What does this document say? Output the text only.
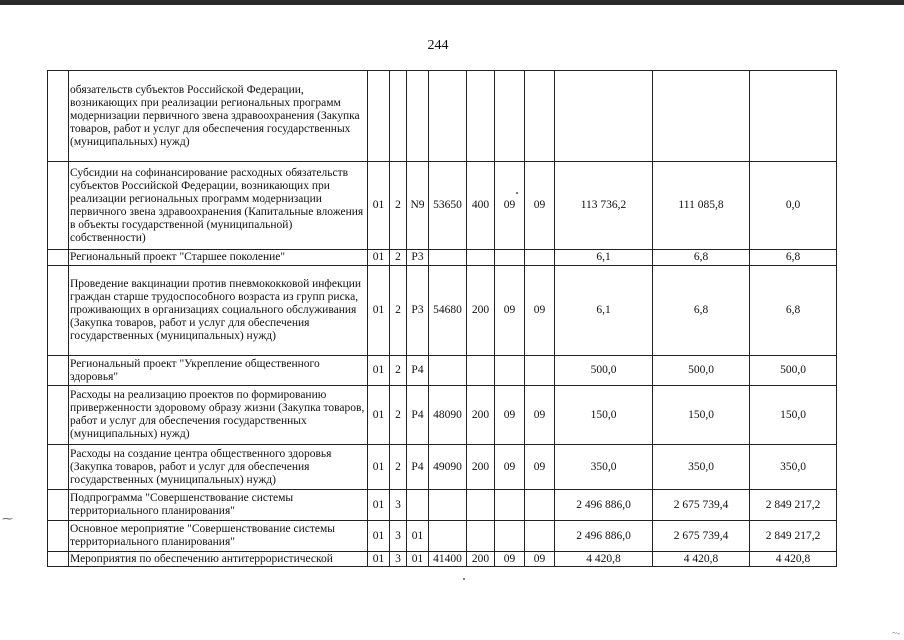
244
	обязательств субъектов Российской Федерации, возникающих при реализации региональных программ модернизации первичного звена здравоохранения (Закупка товаров, работ и услуг для обеспечения государственных (муниципальных) нужд)										
	Субсидии на софинансирование расходных обязательств субъектов Российской Федерации, возникающих при реализации региональных программ модернизации первичного звена здравоохранения (Капитальные вложения в объекты государственной (муниципальной) собственности)	01	2	N9	53650	400	09	09	113 736,2	111 085,8	0,0
	Региональный проект "Старшее поколение"	01	2	P3					6,1	6,8	6,8
	Проведение вакцинации против пневмококковой инфекции граждан старше трудоспособного возраста из групп риска, проживающих в организациях социального обслуживания (Закупка товаров, работ и услуг для обеспечения государственных (муниципальных) нужд)	01	2	P3	54680	200	09	09	6,1	6,8	6,8
	Региональный проект "Укрепление общественного здоровья"	01	2	P4					500,0	500,0	500,0
	Расходы на реализацию проектов по формированию приверженности здоровому образу жизни (Закупка товаров, работ и услуг для обеспечения государственных (муниципальных) нужд)	01	2	P4	48090	200	09	09	150,0	150,0	150,0
	Расходы на создание центра общественного здоровья (Закупка товаров, работ и услуг для обеспечения государственных (муниципальных) нужд)	01	2	P4	49090	200	09	09	350,0	350,0	350,0
	Подпрограмма "Совершенствование системы территориального планирования"	01	3						2 496 886,0	2 675 739,4	2 849 217,2
	Основное мероприятие "Совершенствование системы территориального планирования"	01	3	01					2 496 886,0	2 675 739,4	2 849 217,2
	Мероприятия по обеспечению антитеррористической	01	3	01	41400	200	09	09	4 420,8	4 420,8	4 420,8
⁓
~-
